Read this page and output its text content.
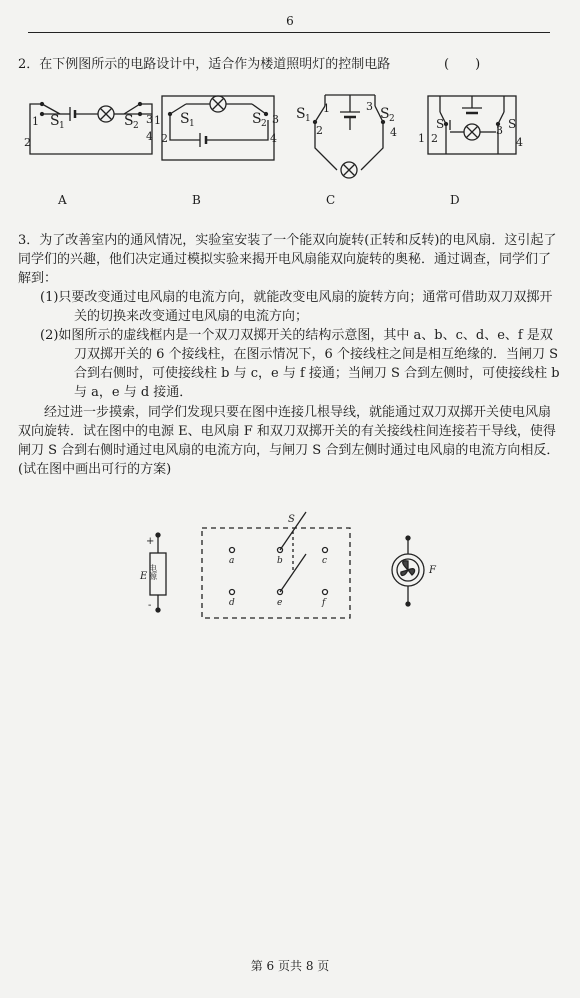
6
2．在下例图所示的电路设计中，适合作为楼道照明灯的控制电路	(　　)
1
2
3
4
S 1	S 2 1
2
3
4
S 1	S 2
S 1	S 2
2
1	3
4 1 2
3
4
S	S
A	B	C	D

3．为了改善室内的通风情况，实验室安装了一个能双向旋转(正转和反转)的电风扇．这引起了同学们的兴趣，他们决定通过模拟实验来揭开电风扇能双向旋转的奥秘．通过调查，同学们了解到：

(1)只要改变通过电风扇的电流方向，就能改变电风扇的旋转方向；通常可借助双刀双掷开关的切换来改变通过电风扇的电流方向；

(2)如图所示的虚线框内是一个双刀双掷开关的结构示意图，其中 a、b、c、d、e、f 是双刀双掷开关的 6 个接线柱，在图示情况下，6 个接线柱之间是相互绝缘的．当闸刀 S 合到右侧时，可使接线柱 b 与 c，e 与 f 接通；当闸刀 S 合到左侧时，可使接线柱 b 与 a，e 与 d 接通．

经过进一步摸索，同学们发现只要在图中连接几根导线，就能通过双刀双掷开关使电风扇双向旋转．试在图中的电源 E、电风扇 F 和双刀双掷开关的有关接线柱间连接若干导线，使得闸刀 S 合到右侧时通过电风扇的电流方向，与闸刀 S 合到左侧时通过电风扇的电流方向相反．(试在图中画出可行的方案)

+
-
E 电源
S
a	b	c
d	e	f
F
第 6 页共 8 页
